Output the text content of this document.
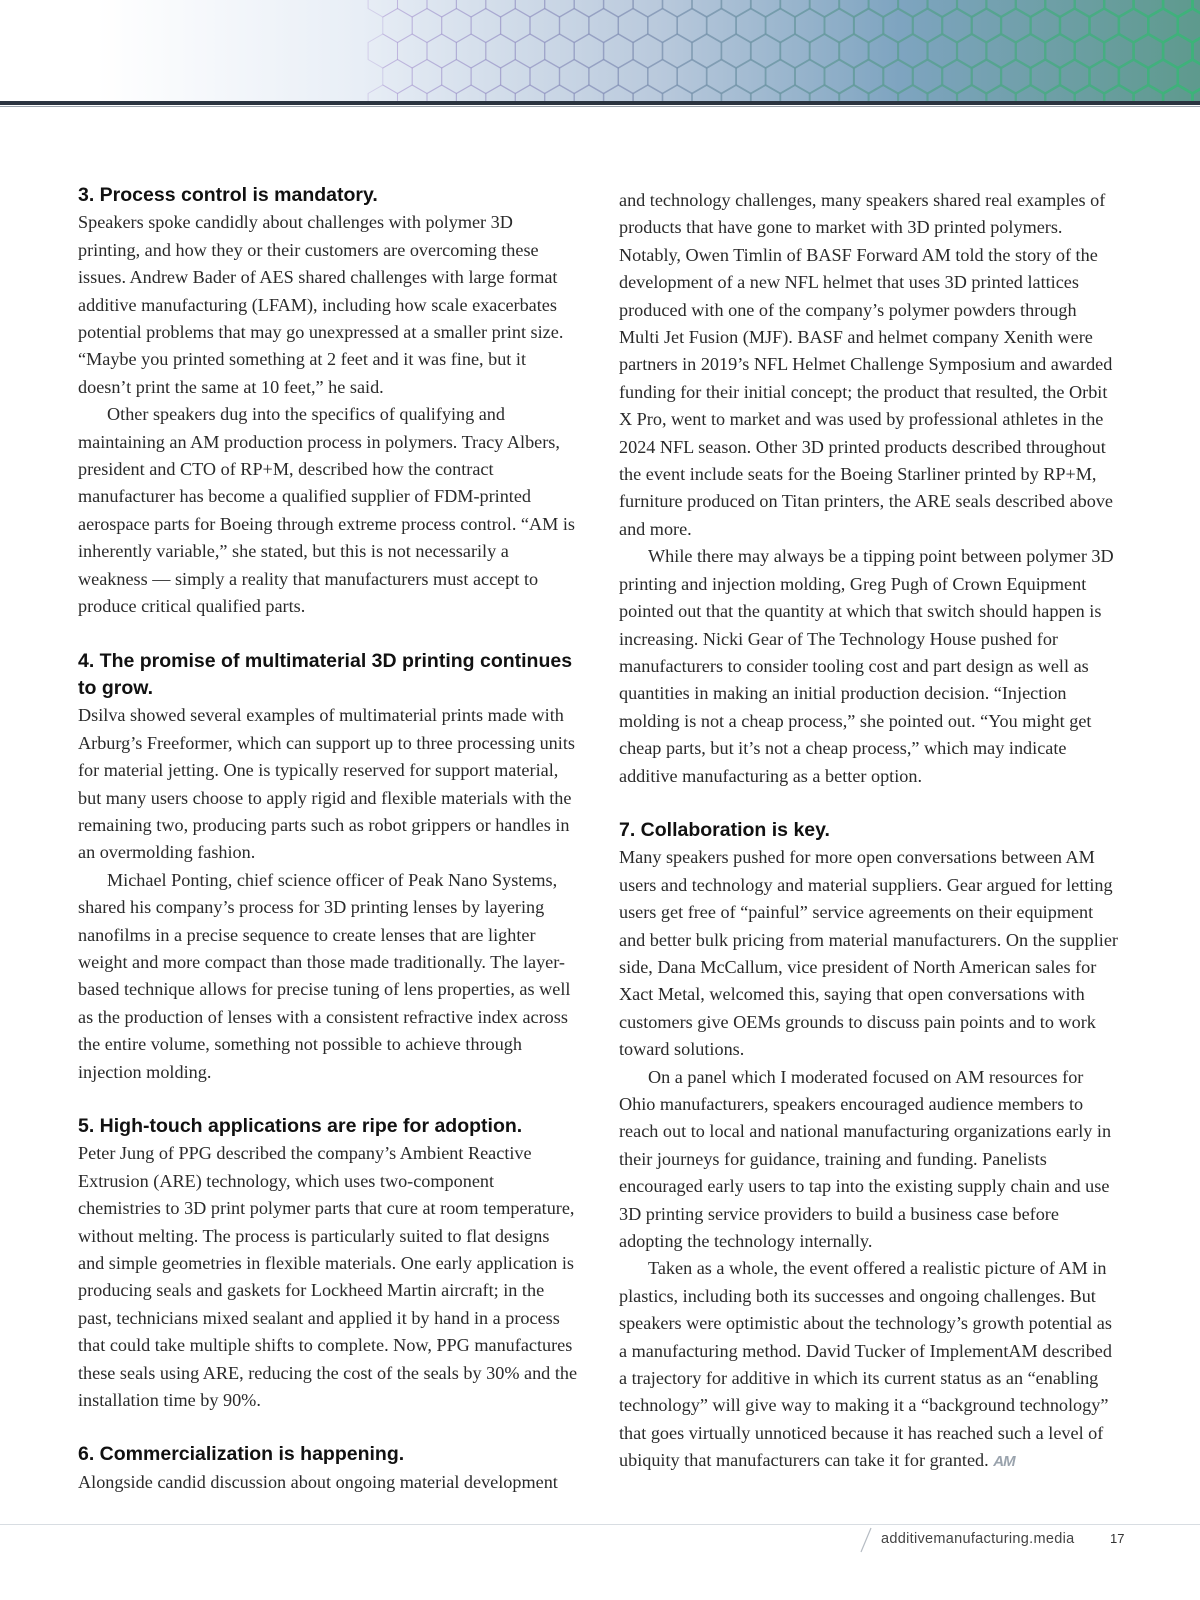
3. Process control is mandatory.

Speakers spoke candidly about challenges with polymer 3D printing, and how they or their customers are overcoming these issues. Andrew Bader of AES shared challenges with large format additive manufacturing (LFAM), including how scale exacerbates potential problems that may go unexpressed at a smaller print size. “Maybe you printed something at 2 feet and it was fine, but it doesn’t print the same at 10 feet,” he said.

Other speakers dug into the specifics of qualifying and maintaining an AM production process in polymers. Tracy Albers, president and CTO of RP+M, described how the contract manufacturer has become a qualified supplier of FDM-printed aerospace parts for Boeing through extreme process control. “AM is inherently variable,” she stated, but this is not necessarily a weakness — simply a reality that manufacturers must accept to produce critical qualified parts.

4. The promise of multimaterial 3D printing continues to grow.

Dsilva showed several examples of multimaterial prints made with Arburg’s Freeformer, which can support up to three processing units for material jetting. One is typically reserved for support material, but many users choose to apply rigid and flexible materials with the remaining two, producing parts such as robot grippers or handles in an overmolding fashion.

Michael Ponting, chief science officer of Peak Nano Systems, shared his company’s process for 3D printing lenses by layering nanofilms in a precise sequence to create lenses that are lighter weight and more compact than those made traditionally. The layer-based technique allows for precise tuning of lens properties, as well as the production of lenses with a consistent refractive index across the entire volume, something not possible to achieve through injection molding.

5. High-touch applications are ripe for adoption.

Peter Jung of PPG described the company’s Ambient Reactive Extrusion (ARE) technology, which uses two-component chemistries to 3D print polymer parts that cure at room temperature, without melting. The process is particularly suited to flat designs and simple geometries in flexible materials. One early application is producing seals and gaskets for Lockheed Martin aircraft; in the past, technicians mixed sealant and applied it by hand in a process that could take multiple shifts to complete. Now, PPG manufactures these seals using ARE, reducing the cost of the seals by 30% and the installation time by 90%.

6. Commercialization is happening.

Alongside candid discussion about ongoing material development

and technology challenges, many speakers shared real examples of products that have gone to market with 3D printed polymers. Notably, Owen Timlin of BASF Forward AM told the story of the development of a new NFL helmet that uses 3D printed lattices produced with one of the company’s polymer powders through Multi Jet Fusion (MJF). BASF and helmet company Xenith were partners in 2019’s NFL Helmet Challenge Symposium and awarded funding for their initial concept; the product that resulted, the Orbit X Pro, went to market and was used by professional athletes in the 2024 NFL season. Other 3D printed products described throughout the event include seats for the Boeing Starliner printed by RP+M, furniture produced on Titan printers, the ARE seals described above and more.

While there may always be a tipping point between polymer 3D printing and injection molding, Greg Pugh of Crown Equipment pointed out that the quantity at which that switch should happen is increasing. Nicki Gear of The Technology House pushed for manufacturers to consider tooling cost and part design as well as quantities in making an initial production decision. “Injection molding is not a cheap process,” she pointed out. “You might get cheap parts, but it’s not a cheap process,” which may indicate additive manufacturing as a better option.

7. Collaboration is key.

Many speakers pushed for more open conversations between AM users and technology and material suppliers. Gear argued for letting users get free of “painful” service agreements on their equipment and better bulk pricing from material manufacturers. On the supplier side, Dana McCallum, vice president of North American sales for Xact Metal, welcomed this, saying that open conversations with customers give OEMs grounds to discuss pain points and to work toward solutions.

On a panel which I moderated focused on AM resources for Ohio manufacturers, speakers encouraged audience members to reach out to local and national manufacturing organizations early in their journeys for guidance, training and funding. Panelists encouraged early users to tap into the existing supply chain and use 3D printing service providers to build a business case before adopting the technology internally.

Taken as a whole, the event offered a realistic picture of AM in plastics, including both its successes and ongoing challenges. But speakers were optimistic about the technology’s growth potential as a manufacturing method. David Tucker of ImplementAM described a trajectory for additive in which its current status as an “enabling technology” will give way to making it a “background technology” that goes virtually unnoticed because it has reached such a level of ubiquity that manufacturers can take it for granted. AM

additivemanufacturing.media	17
